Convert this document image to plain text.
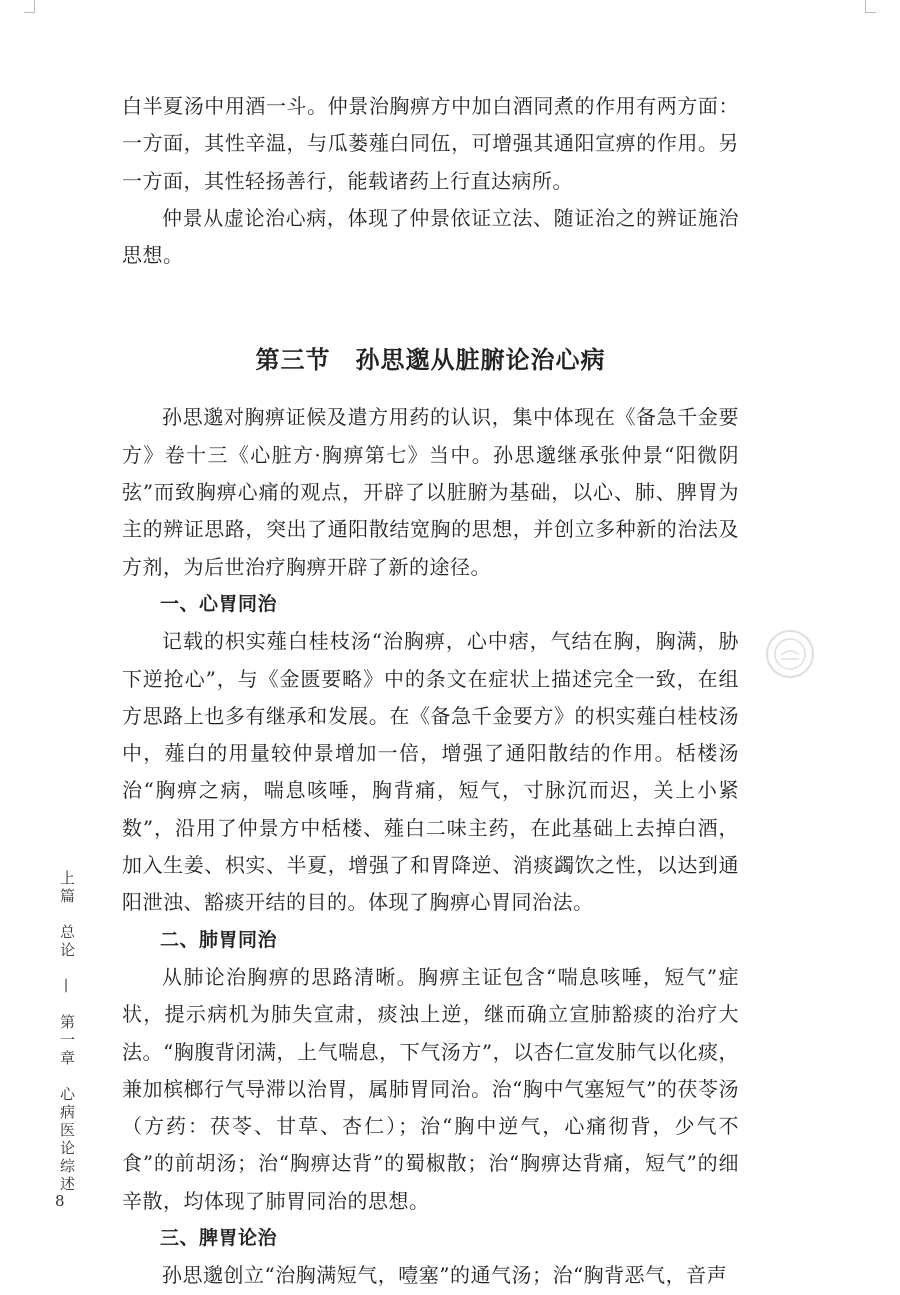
白半夏汤中用酒一斗。仲景治胸痹方中加白酒同煮的作用有两方面：一方面，其性辛温，与瓜蒌薤白同伍，可增强其通阳宣痹的作用。另一方面，其性轻扬善行，能载诸药上行直达病所。

仲景从虚论治心病，体现了仲景依证立法、随证治之的辨证施治思想。

第三节　孙思邈从脏腑论治心病

孙思邈对胸痹证候及遣方用药的认识，集中体现在《备急千金要方》卷十三《心脏方·胸痹第七》当中。孙思邈继承张仲景“阳微阴弦”而致胸痹心痛的观点，开辟了以脏腑为基础，以心、肺、脾胃为主的辨证思路，突出了通阳散结宽胸的思想，并创立多种新的治法及方剂，为后世治疗胸痹开辟了新的途径。

一、心胃同治

记载的枳实薤白桂枝汤“治胸痹，心中痞，气结在胸，胸满，胁下逆抢心”，与《金匮要略》中的条文在症状上描述完全一致，在组方思路上也多有继承和发展。在《备急千金要方》的枳实薤白桂枝汤中，薤白的用量较仲景增加一倍，增强了通阳散结的作用。栝楼汤治“胸痹之病，喘息咳唾，胸背痛，短气，寸脉沉而迟，关上小紧数”，沿用了仲景方中栝楼、薤白二味主药，在此基础上去掉白酒，加入生姜、枳实、半夏，增强了和胃降逆、消痰蠲饮之性，以达到通阳泄浊、豁痰开结的目的。体现了胸痹心胃同治法。

二、肺胃同治

从肺论治胸痹的思路清晰。胸痹主证包含“喘息咳唾，短气”症状，提示病机为肺失宣肃，痰浊上逆，继而确立宣肺豁痰的治疗大法。“胸腹背闭满，上气喘息，下气汤方”，以杏仁宣发肺气以化痰，兼加槟榔行气导滞以治胃，属肺胃同治。治“胸中气塞短气”的茯苓汤（方药：茯苓、甘草、杏仁）；治“胸中逆气，心痛彻背，少气不食”的前胡汤；治“胸痹达背”的蜀椒散；治“胸痹达背痛，短气”的细辛散，均体现了肺胃同治的思想。

三、脾胃论治

孙思邈创立“治胸满短气，噎塞”的通气汤；治“胸背恶气，音声

上篇　总论　—　第一章　心病医论综述
8
